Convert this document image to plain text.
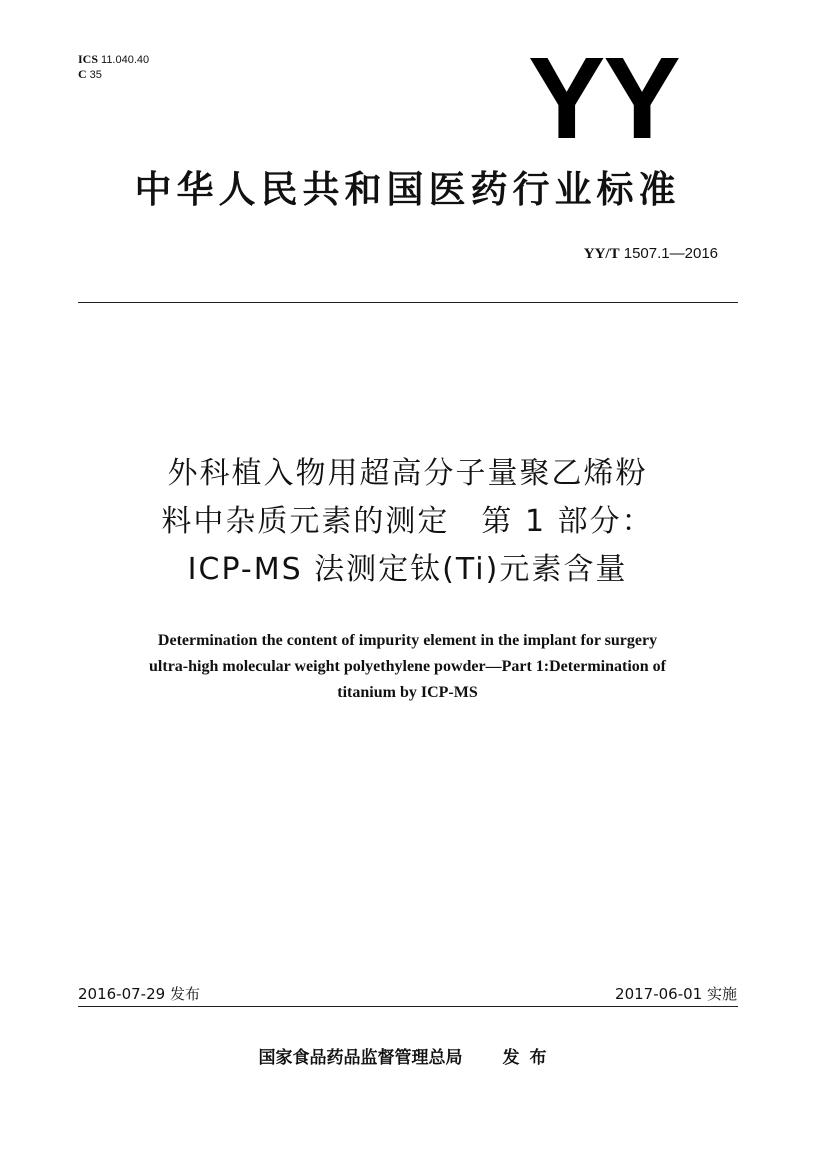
ICS 11.040.40
C 35	YY
中华人民共和国医药行业标准
YY/T 1507.1—2016
外科植入物用超高分子量聚乙烯粉
料中杂质元素的测定　第 1 部分：
ICP-MS 法测定钛(Ti)元素含量
Determination the content of impurity element in the implant for surgery
ultra-high molecular weight polyethylene powder—Part 1:Determination of
titanium by ICP-MS
2016-07-29 发布	2017-06-01 实施
国家食品药品监督管理总局 发布
